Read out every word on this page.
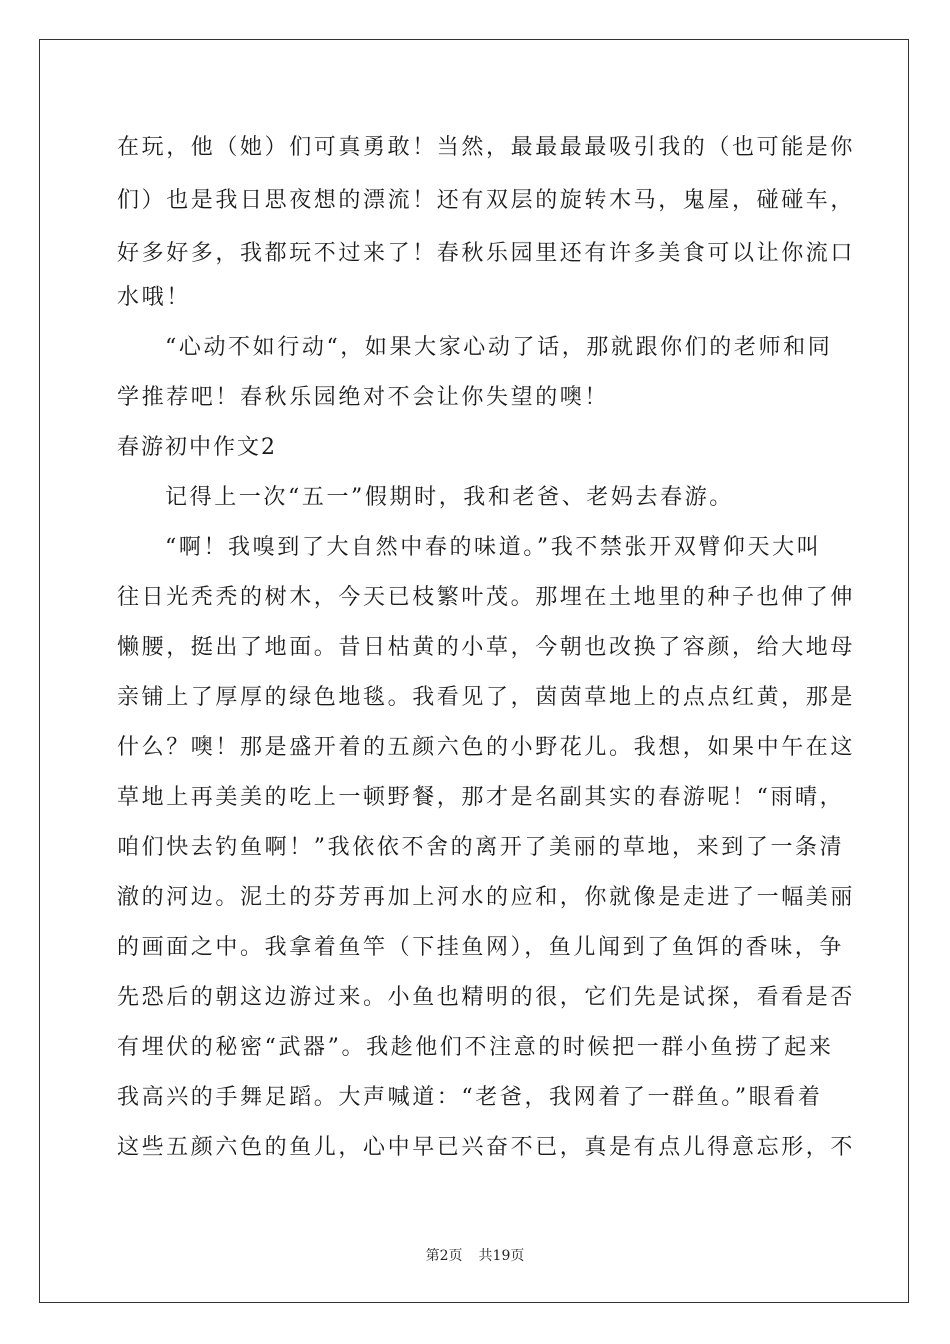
在玩，他（她）们可真勇敢！当然，最最最最吸引我的（也可能是你
们）也是我日思夜想的漂流！还有双层的旋转木马，鬼屋，碰碰车，
好多好多，我都玩不过来了！春秋乐园里还有许多美食可以让你流口
水哦！
“心动不如行动“，如果大家心动了话，那就跟你们的老师和同
学推荐吧！春秋乐园绝对不会让你失望的噢！
春游初中作文2
记得上一次“五一”假期时，我和老爸、老妈去春游。
“啊！我嗅到了大自然中春的味道。”我不禁张开双臂仰天大叫
往日光秃秃的树木，今天已枝繁叶茂。那埋在土地里的种子也伸了伸
懒腰，挺出了地面。昔日枯黄的小草，今朝也改换了容颜，给大地母
亲铺上了厚厚的绿色地毯。我看见了，茵茵草地上的点点红黄，那是
什么？噢！那是盛开着的五颜六色的小野花儿。我想，如果中午在这
草地上再美美的吃上一顿野餐，那才是名副其实的春游呢！“雨晴，
咱们快去钓鱼啊！”我依依不舍的离开了美丽的草地，来到了一条清
澈的河边。泥土的芬芳再加上河水的应和，你就像是走进了一幅美丽
的画面之中。我拿着鱼竿（下挂鱼网），鱼儿闻到了鱼饵的香味，争
先恐后的朝这边游过来。小鱼也精明的很，它们先是试探，看看是否
有埋伏的秘密“武器”。我趁他们不注意的时候把一群小鱼捞了起来
我高兴的手舞足蹈。大声喊道：“老爸，我网着了一群鱼。”眼看着
这些五颜六色的鱼儿，心中早已兴奋不已，真是有点儿得意忘形，不
第2页 共19页
